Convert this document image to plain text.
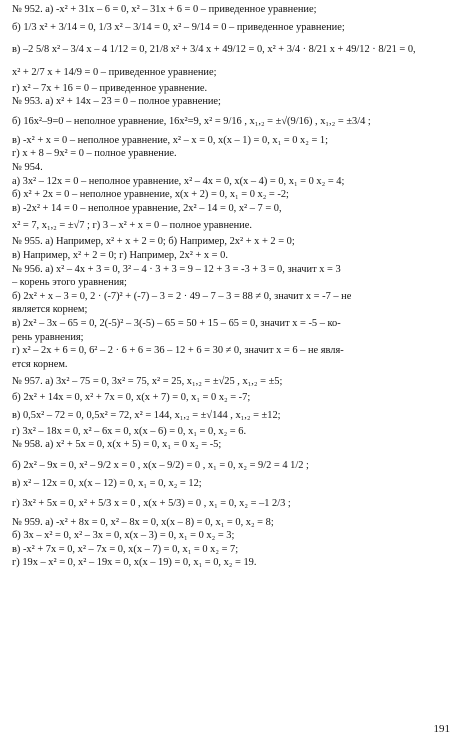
№ 952. а) -x² + 31x – 6 = 0, x² – 31x + 6 = 0 – приведенное уравнение;
б) 1/3 x² + 3/14 = 0, 1/3 x² – 3/14 = 0, x² – 9/14 = 0 – приведенное уравнение;
в) –2 5/8 x² – 3/4 x – 4 1/12 = 0, 21/8 x² + 3/4 x + 49/12 = 0, x² + 3/4 · 8/21 x + 49/12 · 8/21 = 0,
x² + 2/7 x + 14/9 = 0 – приведенное уравнение;
г) x² – 7x + 16 = 0 – приведенное уравнение.
№ 953. а) x² + 14x – 23 = 0 – полное уравнение;
б) 16x²–9=0 – неполное уравнение, 16x²=9, x² = 9/16 , x₁,₂ = ±√(9/16) , x₁,₂ = ±3/4 ;
в) -x² + x = 0 – неполное уравнение, x² – x = 0, x(x – 1) = 0, x₁ = 0 x₂ = 1;
г) x + 8 – 9x² = 0 – полное уравнение.
№ 954.
а) 3x² – 12x = 0 – неполное уравнение, x² – 4x = 0, x(x – 4) = 0, x₁ = 0 x₂ = 4;
б) x² + 2x = 0 – неполное уравнение, x(x + 2) = 0, x₁ = 0 x₂ = -2;
в) -2x² + 14 = 0 – неполное уравнение, 2x² – 14 = 0, x² – 7 = 0,
x² = 7, x₁,₂ = ±√7 ; г) 3 – x² + x = 0 – полное уравнение.
№ 955. а) Например, x² + x + 2 = 0; б) Например, 2x² + x + 2 = 0;
в) Например, x² + 2 = 0; г) Например, 2x² + x = 0.
№ 956. а) x² – 4x + 3 = 0, 3² – 4 · 3 + 3 = 9 – 12 + 3 = -3 + 3 = 0, значит x = 3
– корень этого уравнения;
б) 2x² + x – 3 = 0, 2 · (-7)² + (-7) – 3 = 2 · 49 – 7 – 3 = 88 ≠ 0, значит x = -7 – не
является корнем;
в) 2x² – 3x – 65 = 0, 2(-5)² – 3(-5) – 65 = 50 + 15 – 65 = 0, значит x = -5 – ко-
рень уравнения;
г) x² – 2x + 6 = 0, 6² – 2 · 6 + 6 = 36 – 12 + 6 = 30 ≠ 0, значит x = 6 – не явля-
ется корнем.
№ 957. а) 3x² – 75 = 0, 3x² = 75, x² = 25, x₁,₂ = ±√25 , x₁,₂ = ±5;
б) 2x² + 14x = 0, x² + 7x = 0, x(x + 7) = 0, x₁ = 0 x₂ = -7;
в) 0,5x² – 72 = 0, 0,5x² = 72, x² = 144, x₁,₂ = ±√144 , x₁,₂ = ±12;
г) 3x² – 18x = 0, x² – 6x = 0, x(x – 6) = 0, x₁ = 0, x₂ = 6.
№ 958. а) x² + 5x = 0, x(x + 5) = 0, x₁ = 0 x₂ = -5;
б) 2x² – 9x = 0, x² – 9/2 x = 0 , x(x – 9/2) = 0 , x₁ = 0, x₂ = 9/2 = 4 1/2 ;
в) x² – 12x = 0, x(x – 12) = 0, x₁ = 0, x₂ = 12;
г) 3x² + 5x = 0, x² + 5/3 x = 0 , x(x + 5/3) = 0 , x₁ = 0, x₂ = –1 2/3 ;
№ 959. а) -x² + 8x = 0, x² – 8x = 0, x(x – 8) = 0, x₁ = 0, x₂ = 8;
б) 3x – x² = 0, x² – 3x = 0, x(x – 3) = 0, x₁ = 0 x₂ = 3;
в) -x² + 7x = 0, x² – 7x = 0, x(x – 7) = 0, x₁ = 0 x₂ = 7;
г) 19x – x² = 0, x² – 19x = 0, x(x – 19) = 0, x₁ = 0, x₂ = 19.
191
